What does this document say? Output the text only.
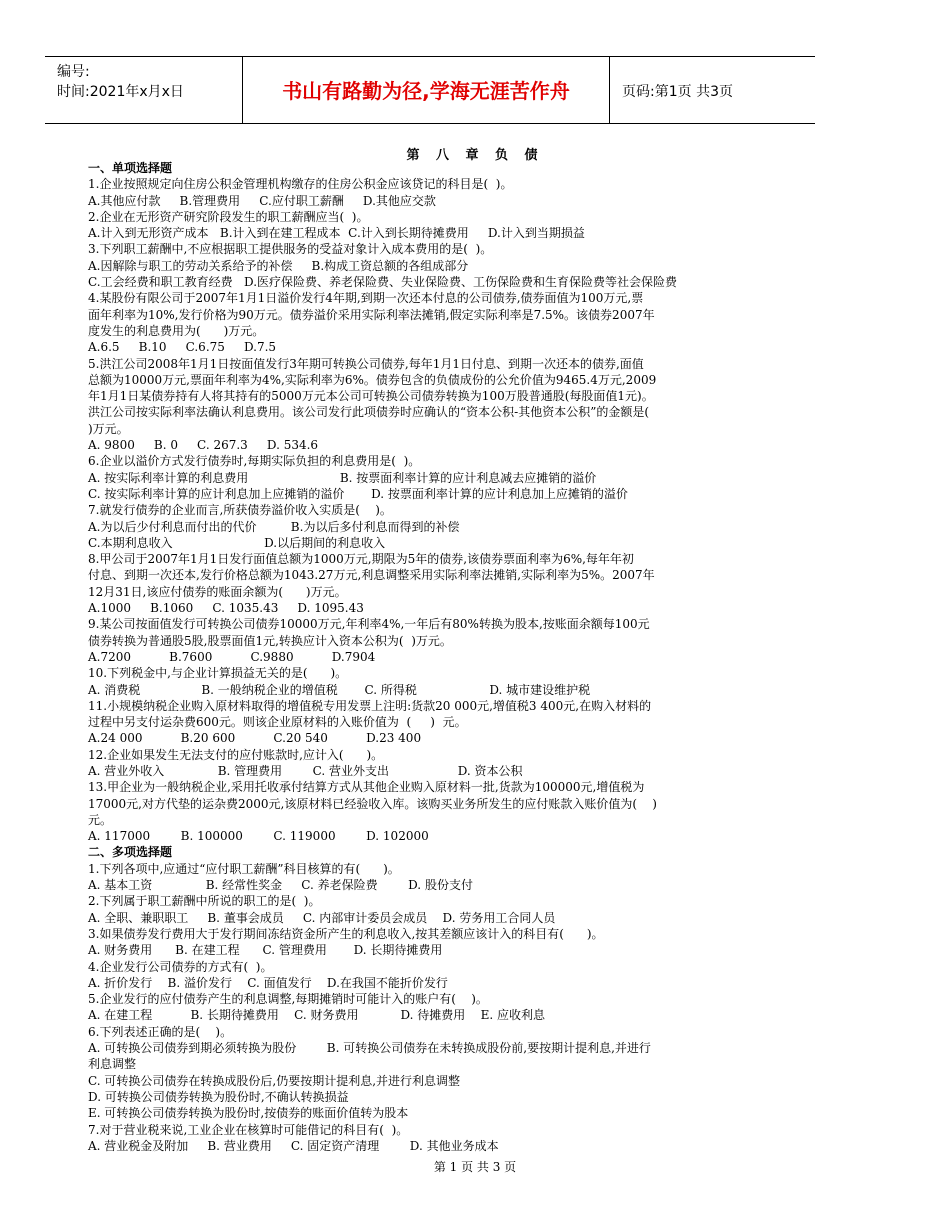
编号:
时间:2021年x月x日	书山有路勤为径,学海无涯苦作舟	页码:第1页 共3页
第 八 章 负 债
一、单项选择题
1.企业按照规定向住房公积金管理机构缴存的住房公积金应该贷记的科目是(  )。
A.其他应付款     B.管理费用     C.应付职工薪酬     D.其他应交款
2.企业在无形资产研究阶段发生的职工薪酬应当(  )。
A.计入到无形资产成本   B.计入到在建工程成本  C.计入到长期待摊费用     D.计入到当期损益
3.下列职工薪酬中,不应根据职工提供服务的受益对象计入成本费用的是(  )。
A.因解除与职工的劳动关系给予的补偿     B.构成工资总额的各组成部分
C.工会经费和职工教育经费   D.医疗保险费、养老保险费、失业保险费、工伤保险费和生育保险费等社会保险费
4.某股份有限公司于2007年1月1日溢价发行4年期,到期一次还本付息的公司债券,债券面值为100万元,票
面年利率为10%,发行价格为90万元。债券溢价采用实际利率法摊销,假定实际利率是7.5%。该债券2007年
度发生的利息费用为(      )万元。
A.6.5     B.10     C.6.75     D.7.5
5.洪江公司2008年1月1日按面值发行3年期可转换公司债券,每年1月1日付息、到期一次还本的债券,面值
总额为10000万元,票面年利率为4%,实际利率为6%。债券包含的负债成份的公允价值为9465.4万元,2009
年1月1日某债券持有人将其持有的5000万元本公司可转换公司债券转换为100万股普通股(每股面值1元)。
洪江公司按实际利率法确认利息费用。该公司发行此项债券时应确认的“资本公积-其他资本公积”的金额是(
)万元。
A. 9800     B. 0     C. 267.3     D. 534.6
6.企业以溢价方式发行债券时,每期实际负担的利息费用是(  )。
A. 按实际利率计算的利息费用                        B. 按票面利率计算的应计利息减去应摊销的溢价
C. 按实际利率计算的应计利息加上应摊销的溢价       D. 按票面利率计算的应计利息加上应摊销的溢价
7.就发行债券的企业而言,所获债券溢价收入实质是(    )。
A.为以后少付利息而付出的代价         B.为以后多付利息而得到的补偿
C.本期利息收入                        D.以后期间的利息收入
8.甲公司于2007年1月1日发行面值总额为1000万元,期限为5年的债券,该债券票面利率为6%,每年年初
付息、到期一次还本,发行价格总额为1043.27万元,利息调整采用实际利率法摊销,实际利率为5%。2007年
12月31日,该应付债券的账面余额为(      )万元。
A.1000     B.1060     C. 1035.43     D. 1095.43
9.某公司按面值发行可转换公司债券10000万元,年利率4%,一年后有80%转换为股本,按账面余额每100元
债券转换为普通股5股,股票面值1元,转换应计入资本公积为(  )万元。
A.7200          B.7600          C.9880          D.7904
10.下列税金中,与企业计算损益无关的是(      )。
A. 消费税                B. 一般纳税企业的增值税       C. 所得税                   D. 城市建设维护税
11.小规模纳税企业购入原材料取得的增值税专用发票上注明:货款20 000元,增值税3 400元,在购入材料的
过程中另支付运杂费600元。则该企业原材料的入账价值为  (     )  元。
A.24 000          B.20 600          C.20 540          D.23 400
12.企业如果发生无法支付的应付账款时,应计入(      )。
A. 营业外收入              B. 管理费用        C. 营业外支出                  D. 资本公积
13.甲企业为一般纳税企业,采用托收承付结算方式从其他企业购入原材料一批,货款为100000元,增值税为
17000元,对方代垫的运杂费2000元,该原材料已经验收入库。该购买业务所发生的应付账款入账价值为(    )
元。
A. 117000        B. 100000        C. 119000        D. 102000
二、多项选择题
1.下列各项中,应通过“应付职工薪酬”科目核算的有(      )。
A. 基本工资              B. 经常性奖金     C. 养老保险费        D. 股份支付
2.下列属于职工薪酬中所说的职工的是(  )。
A. 全职、兼职职工     B. 董事会成员     C. 内部审计委员会成员    D. 劳务用工合同人员
3.如果债券发行费用大于发行期间冻结资金所产生的利息收入,按其差额应该计入的科目有(      )。
A. 财务费用      B. 在建工程      C. 管理费用       D. 长期待摊费用
4.企业发行公司债券的方式有(  )。
A. 折价发行    B. 溢价发行    C. 面值发行    D.在我国不能折价发行
5.企业发行的应付债券产生的利息调整,每期摊销时可能计入的账户有(    )。
A. 在建工程          B. 长期待摊费用    C. 财务费用           D. 待摊费用    E. 应收利息
6.下列表述正确的是(    )。
A. 可转换公司债券到期必须转换为股份        B. 可转换公司债券在未转换成股份前,要按期计提利息,并进行
利息调整
C. 可转换公司债券在转换成股份后,仍要按期计提利息,并进行利息调整
D. 可转换公司债券转换为股份时,不确认转换损益
E. 可转换公司债券转换为股份时,按债券的账面价值转为股本
7.对于营业税来说,工业企业在核算时可能借记的科目有(  )。
A. 营业税金及附加     B. 营业费用     C. 固定资产清理        D. 其他业务成本
第 1 页 共 3 页
